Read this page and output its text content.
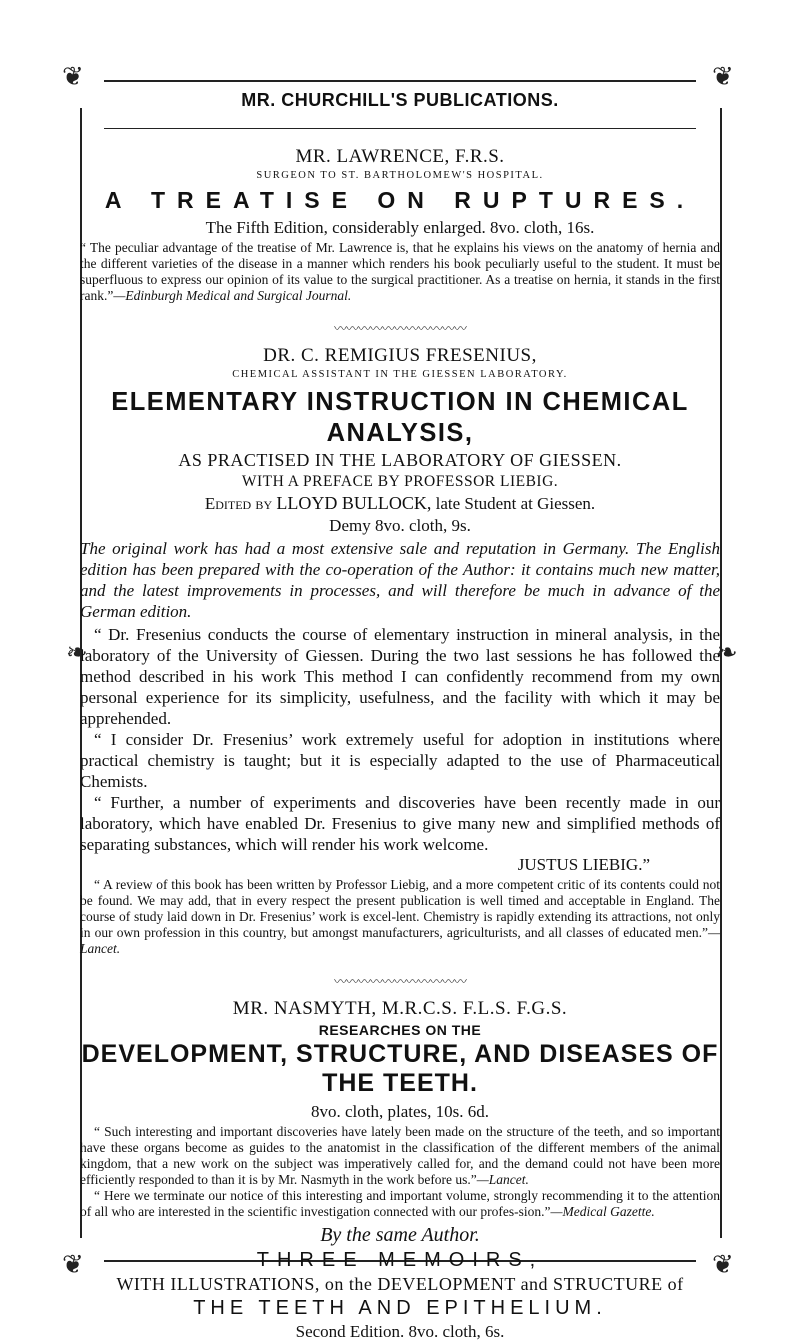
❦	❦
❦	❦
❧	❧
MR. CHURCHILL'S PUBLICATIONS.
MR. LAWRENCE, F.R.S.
SURGEON TO ST. BARTHOLOMEW'S HOSPITAL.
A TREATISE ON RUPTURES.
The Fifth Edition, considerably enlarged. 8vo. cloth, 16s.

“ The peculiar advantage of the treatise of Mr. Lawrence is, that he explains his views on the anatomy of hernia and the different varieties of the disease in a manner which renders his book peculiarly useful to the student. It must be superfluous to express our opinion of its value to the surgical practitioner. As a treatise on hernia, it stands in the first rank.”—Edinburgh Medical and Surgical Journal.

〰〰〰〰〰〰〰〰〰〰〰
DR. C. REMIGIUS FRESENIUS,
CHEMICAL ASSISTANT IN THE GIESSEN LABORATORY.
ELEMENTARY INSTRUCTION IN CHEMICAL ANALYSIS,
AS PRACTISED IN THE LABORATORY OF GIESSEN.
WITH A PREFACE BY PROFESSOR LIEBIG.
Edited by LLOYD BULLOCK, late Student at Giessen.
Demy 8vo. cloth, 9s.

The original work has had a most extensive sale and reputation in Germany. The English edition has been prepared with the co-operation of the Author: it contains much new matter, and the latest improvements in processes, and will therefore be much in advance of the German edition.

“ Dr. Fresenius conducts the course of elementary instruction in mineral analysis, in the laboratory of the University of Giessen. During the two last sessions he has followed the method described in his work This method I can confidently recommend from my own personal experience for its simplicity, usefulness, and the facility with which it may be apprehended.

“ I consider Dr. Fresenius’ work extremely useful for adoption in institutions where practical chemistry is taught; but it is especially adapted to the use of Pharmaceutical Chemists.

“ Further, a number of experiments and discoveries have been recently made in our laboratory, which have enabled Dr. Fresenius to give many new and simplified methods of separating substances, which will render his work welcome.

JUSTUS LIEBIG.”

“ A review of this book has been written by Professor Liebig, and a more competent critic of its contents could not be found. We may add, that in every respect the present publication is well timed and acceptable in England. The course of study laid down in Dr. Fresenius’ work is excel-lent. Chemistry is rapidly extending its attractions, not only in our own profession in this country, but amongst manufacturers, agriculturists, and all classes of educated men.”—Lancet.

〰〰〰〰〰〰〰〰〰〰〰
MR. NASMYTH, M.R.C.S. F.L.S. F.G.S.
RESEARCHES ON THE
DEVELOPMENT, STRUCTURE, AND DISEASES OF THE TEETH.
8vo. cloth, plates, 10s. 6d.

“ Such interesting and important discoveries have lately been made on the structure of the teeth, and so important have these organs become as guides to the anatomist in the classification of the different members of the animal kingdom, that a new work on the subject was imperatively called for, and the demand could not have been more efficiently responded to than it is by Mr. Nasmyth in the work before us.”—Lancet.

“ Here we terminate our notice of this interesting and important volume, strongly recommending it to the attention of all who are interested in the scientific investigation connected with our profes-sion.”—Medical Gazette.

By the same Author.
THREE MEMOIRS,
WITH ILLUSTRATIONS, on the DEVELOPMENT and STRUCTURE of
THE TEETH AND EPITHELIUM.
Second Edition. 8vo. cloth, 6s.
